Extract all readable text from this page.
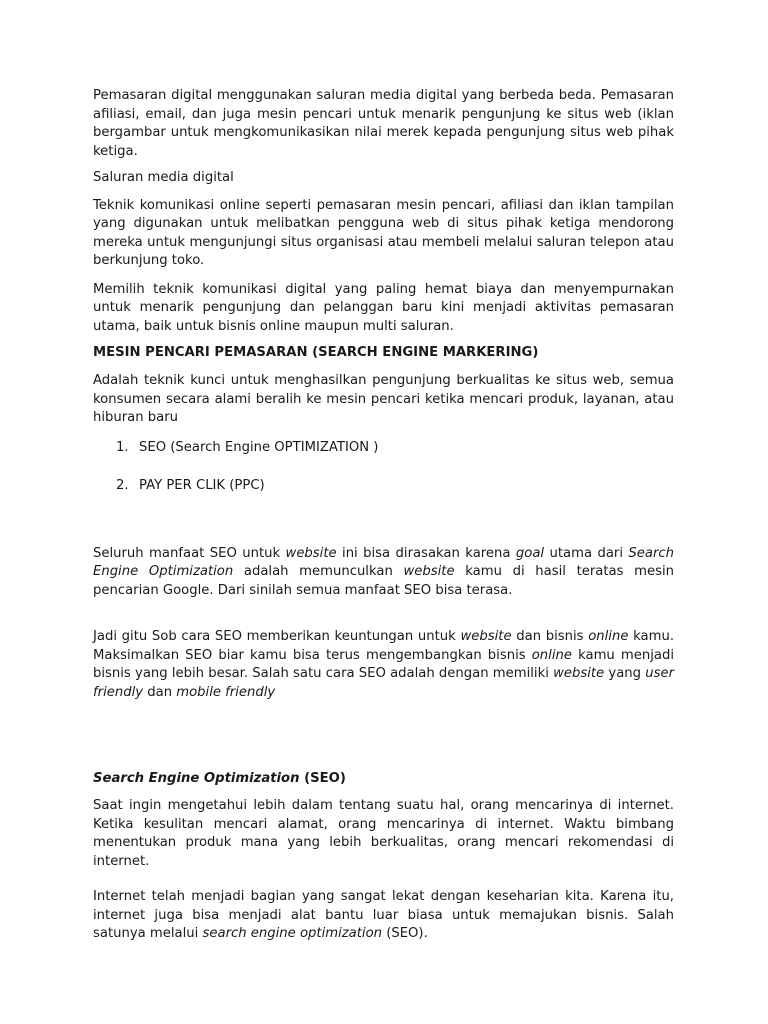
Pemasaran digital menggunakan saluran media digital yang berbeda beda. Pemasaran afiliasi, email, dan juga mesin pencari untuk menarik pengunjung ke situs web (iklan bergambar untuk mengkomunikasikan nilai merek kepada pengunjung situs web pihak ketiga.

Saluran media digital

Teknik komunikasi online seperti pemasaran mesin pencari, afiliasi dan iklan tampilan yang digunakan untuk melibatkan pengguna web di situs pihak ketiga mendorong mereka untuk mengunjungi situs organisasi atau membeli melalui saluran telepon atau berkunjung toko.

Memilih teknik komunikasi digital yang paling hemat biaya dan menyempurnakan untuk menarik pengunjung dan pelanggan baru kini menjadi aktivitas pemasaran utama, baik untuk bisnis online maupun multi saluran.

MESIN PENCARI PEMASARAN (SEARCH ENGINE MARKERING)

Adalah teknik kunci untuk menghasilkan pengunjung berkualitas ke situs web, semua konsumen secara alami beralih ke mesin pencari ketika mencari produk, layanan, atau hiburan baru

1. SEO (Search Engine OPTIMIZATION )
2. PAY PER CLIK (PPC)

Seluruh manfaat SEO untuk website ini bisa dirasakan karena goal utama dari Search Engine Optimization adalah memunculkan website kamu di hasil teratas mesin pencarian Google. Dari sinilah semua manfaat SEO bisa terasa.

Jadi gitu Sob cara SEO memberikan keuntungan untuk website dan bisnis online kamu. Maksimalkan SEO biar kamu bisa terus mengembangkan bisnis online kamu menjadi bisnis yang lebih besar. Salah satu cara SEO adalah dengan memiliki website yang user friendly dan mobile friendly

Search Engine Optimization (SEO)

Saat ingin mengetahui lebih dalam tentang suatu hal, orang mencarinya di internet. Ketika kesulitan mencari alamat, orang mencarinya di internet. Waktu bimbang menentukan produk mana yang lebih berkualitas, orang mencari rekomendasi di internet.

Internet telah menjadi bagian yang sangat lekat dengan keseharian kita. Karena itu, internet juga bisa menjadi alat bantu luar biasa untuk memajukan bisnis. Salah satunya melalui search engine optimization (SEO).
